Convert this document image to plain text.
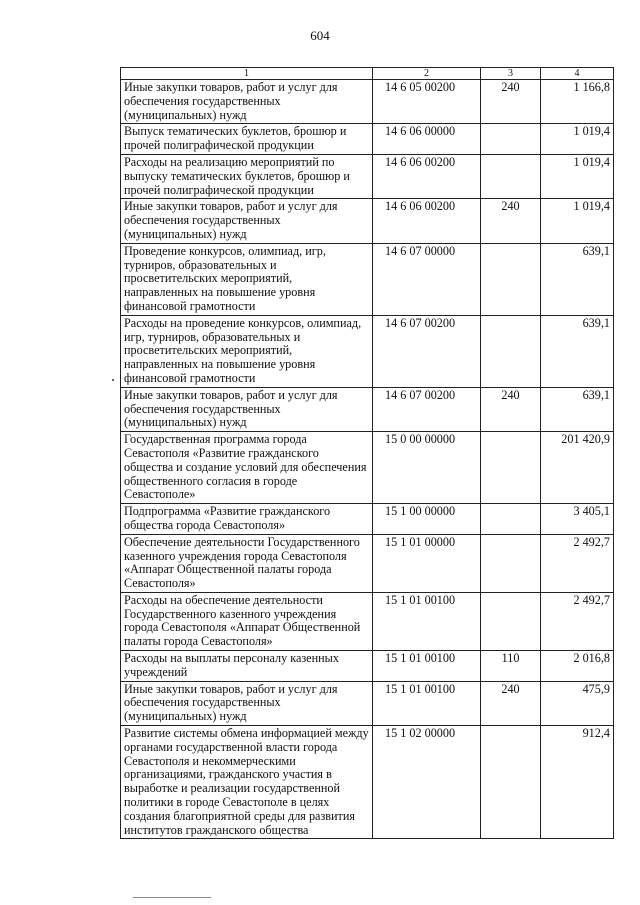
604
1	2	3	4
Иные закупки товаров, работ и услуг для обеспечения государственных (муниципальных) нужд	14 6 05 00200	240	1 166,8
Выпуск тематических буклетов, брошюр и прочей полиграфической продукции	14 6 06 00000		1 019,4
Расходы на реализацию мероприятий по выпуску тематических буклетов, брошюр и прочей полиграфической продукции	14 6 06 00200		1 019,4
Иные закупки товаров, работ и услуг для обеспечения государственных (муниципальных) нужд	14 6 06 00200	240	1 019,4
Проведение конкурсов, олимпиад, игр, турниров, образовательных и просветительских мероприятий, направленных на повышение уровня финансовой грамотности	14 6 07 00000		639,1
Расходы на проведение конкурсов, олимпиад, игр, турниров, образовательных и просветительских мероприятий, направленных на повышение уровня финансовой грамотности	14 6 07 00200		639,1
Иные закупки товаров, работ и услуг для обеспечения государственных (муниципальных) нужд	14 6 07 00200	240	639,1
Государственная программа города Севастополя «Развитие гражданского общества и создание условий для обеспечения общественного согласия в городе Севастополе»	15 0 00 00000		201 420,9
Подпрограмма «Развитие гражданского общества города Севастополя»	15 1 00 00000		3 405,1
Обеспечение деятельности Государственного казенного учреждения города Севастополя «Аппарат Общественной палаты города Севастополя»	15 1 01 00000		2 492,7
Расходы на обеспечение деятельности Государственного казенного учреждения города Севастополя «Аппарат Общественной палаты города Севастополя»	15 1 01 00100		2 492,7
Расходы на выплаты персоналу казенных учреждений	15 1 01 00100	110	2 016,8
Иные закупки товаров, работ и услуг для обеспечения государственных (муниципальных) нужд	15 1 01 00100	240	475,9
Развитие системы обмена информацией между органами государственной власти города Севастополя и некоммерческими организациями, гражданского участия в выработке и реализации государственной политики в городе Севастополе в целях создания благоприятной среды для развития институтов гражданского общества	15 1 02 00000		912,4
